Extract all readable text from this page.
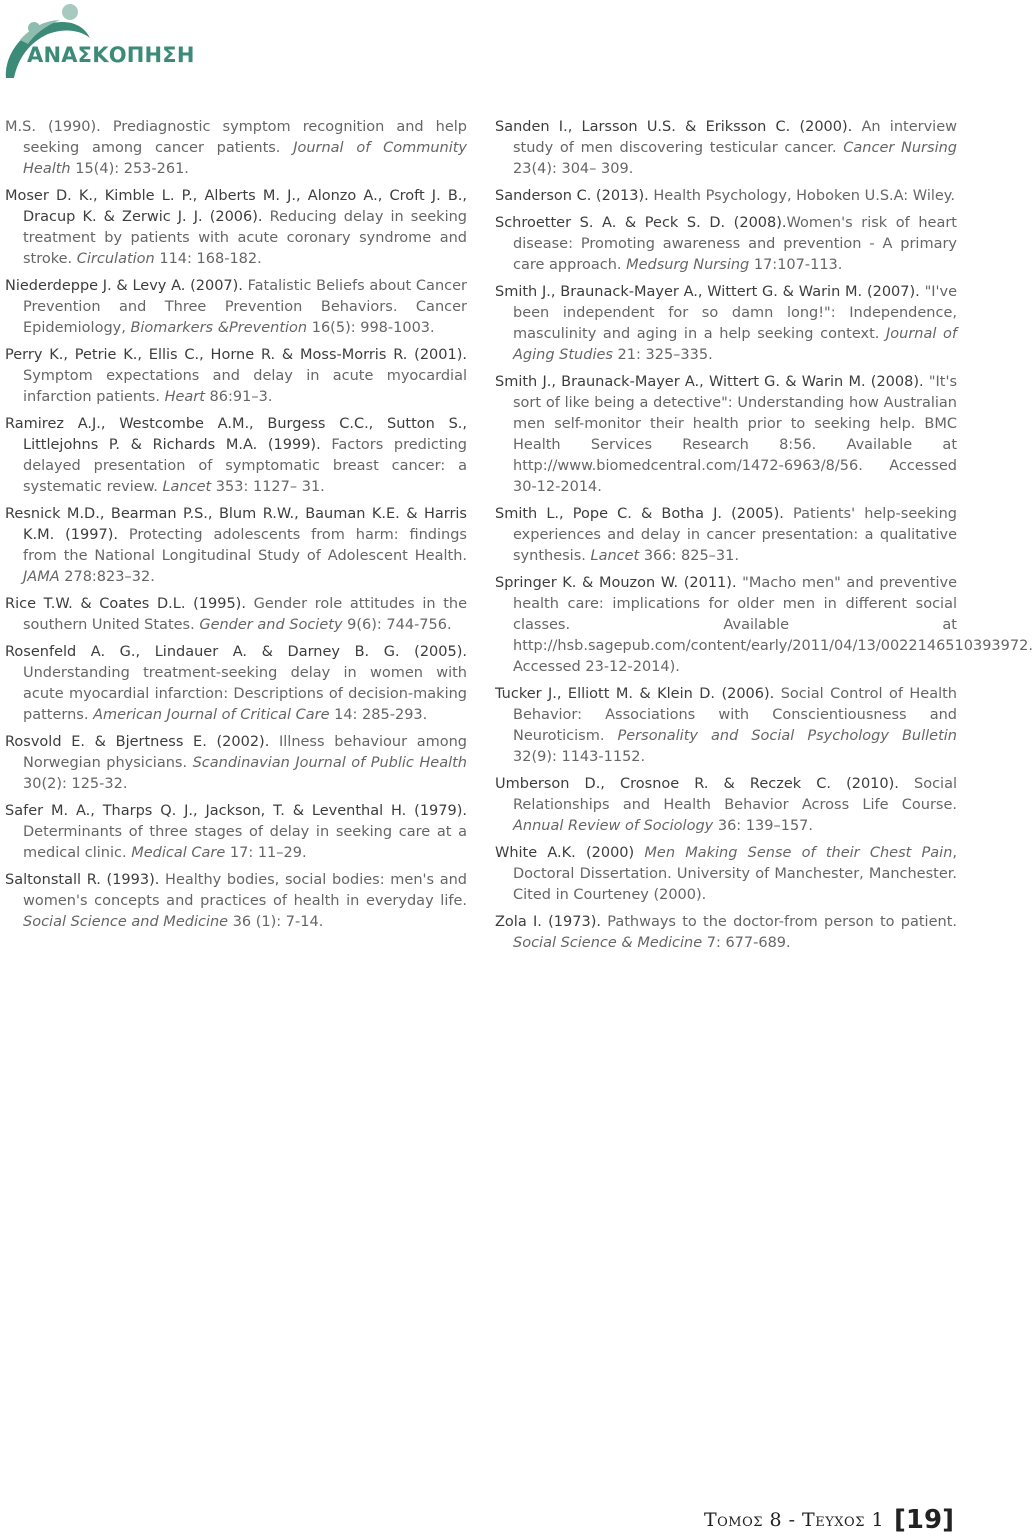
ΑΝΑΣΚΟΠΗΣΗ

M.S. (1990). Prediagnostic symptom recognition and help seeking among cancer patients. Journal of Community Health 15(4): 253-261.

Moser D. K., Kimble L. P., Alberts M. J., Alonzo A., Croft J. B., Dracup K. & Zerwic J. J. (2006). Reducing delay in seeking treatment by patients with acute coronary syndrome and stroke. Circulation 114: 168-182.

Niederdeppe J. & Levy A. (2007). Fatalistic Beliefs about Cancer Prevention and Three Prevention Behaviors. Cancer Epidemiology, Biomarkers &Prevention 16(5): 998-1003.

Perry K., Petrie K., Ellis C., Horne R. & Moss-Morris R. (2001). Symptom expectations and delay in acute myocardial infarction patients. Heart 86:91–3.

Ramirez A.J., Westcombe A.M., Burgess C.C., Sutton S., Littlejohns P. & Richards M.A. (1999). Factors predicting delayed presentation of symptomatic breast cancer: a systematic review. Lancet 353: 1127– 31.

Resnick M.D., Bearman P.S., Blum R.W., Bauman K.E. & Harris K.M. (1997). Protecting adolescents from harm: findings from the National Longitudinal Study of Adolescent Health. JAMA 278:823–32.

Rice T.W. & Coates D.L. (1995). Gender role attitudes in the southern United States. Gender and Society 9(6): 744-756.

Rosenfeld A. G., Lindauer A. & Darney B. G. (2005). Understanding treatment-seeking delay in women with acute myocardial infarction: Descriptions of decision-making patterns. American Journal of Critical Care 14: 285-293.

Rosvold E. & Bjertness E. (2002). Illness behaviour among Norwegian physicians. Scandinavian Journal of Public Health 30(2): 125-32.

Safer M. A., Tharps Q. J., Jackson, T. & Leventhal H. (1979). Determinants of three stages of delay in seeking care at a medical clinic. Medical Care 17: 11–29.

Saltonstall R. (1993). Healthy bodies, social bodies: men's and women's concepts and practices of health in everyday life. Social Science and Medicine 36 (1): 7-14.

Sanden I., Larsson U.S. & Eriksson C. (2000). An interview study of men discovering testicular cancer. Cancer Nursing 23(4): 304– 309.

Sanderson C. (2013). Health Psychology, Hoboken U.S.A: Wiley.

Schroetter S. A. & Peck S. D. (2008).Women's risk of heart disease: Promoting awareness and prevention - A primary care approach. Medsurg Nursing 17:107-113.

Smith J., Braunack-Mayer A., Wittert G. & Warin M. (2007). "I've been independent for so damn long!": Independence, masculinity and aging in a help seeking context. Journal of Aging Studies 21: 325–335.

Smith J., Braunack-Mayer A., Wittert G. & Warin M. (2008). "It's sort of like being a detective": Understanding how Australian men self-monitor their health prior to seeking help. BMC Health Services Research 8:56. Available at http://www.biomedcentral.com/1472-6963/8/56. Accessed 30-12-2014.

Smith L., Pope C. & Botha J. (2005). Patients' help-seeking experiences and delay in cancer presentation: a qualitative synthesis. Lancet 366: 825–31.

Springer K. & Mouzon W. (2011). "Macho men" and preventive health care: implications for older men in different social classes. Available at http://hsb.sagepub.com/content/early/2011/04/13/0022146510393972. Accessed 23-12-2014).

Tucker J., Elliott M. & Klein D. (2006). Social Control of Health Behavior: Associations with Conscientiousness and Neuroticism. Personality and Social Psychology Bulletin 32(9): 1143-1152.

Umberson D., Crosnoe R. & Reczek C. (2010). Social Relationships and Health Behavior Across Life Course. Annual Review of Sociology 36: 139–157.

White A.K. (2000) Men Making Sense of their Chest Pain, Doctoral Dissertation. University of Manchester, Manchester. Cited in Courteney (2000).

Zola I. (1973). Pathways to the doctor-from person to patient. Social Science & Medicine 7: 677-689.

Τομος 8 - Τευχος 1 [19]
